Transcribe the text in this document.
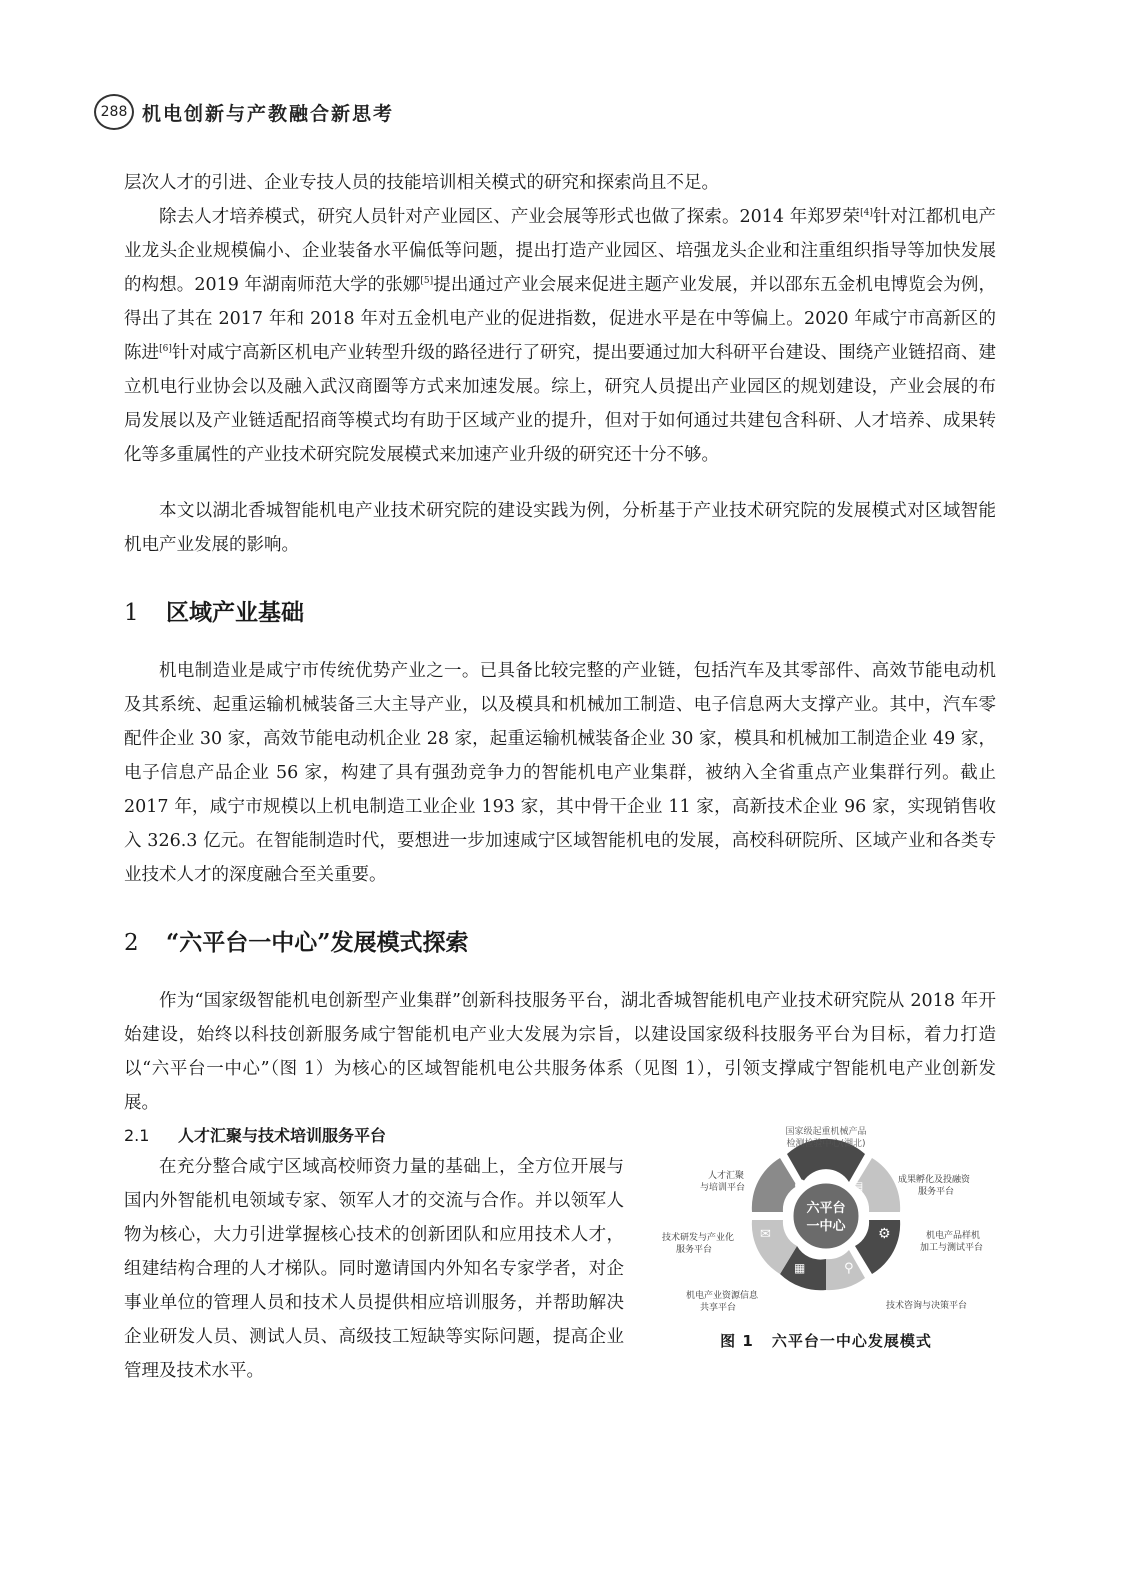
288 机电创新与产教融合新思考

层次人才的引进、企业专技人员的技能培训相关模式的研究和探索尚且不足。

除去人才培养模式，研究人员针对产业园区、产业会展等形式也做了探索。2014 年郑罗荣[4]针对江都机电产业龙头企业规模偏小、企业装备水平偏低等问题，提出打造产业园区、培强龙头企业和注重组织指导等加快发展的构想。2019 年湖南师范大学的张娜[5]提出通过产业会展来促进主题产业发展，并以邵东五金机电博览会为例，得出了其在 2017 年和 2018 年对五金机电产业的促进指数，促进水平是在中等偏上。2020 年咸宁市高新区的陈进[6]针对咸宁高新区机电产业转型升级的路径进行了研究，提出要通过加大科研平台建设、围绕产业链招商、建立机电行业协会以及融入武汉商圈等方式来加速发展。综上，研究人员提出产业园区的规划建设，产业会展的布局发展以及产业链适配招商等模式均有助于区域产业的提升，但对于如何通过共建包含科研、人才培养、成果转化等多重属性的产业技术研究院发展模式来加速产业升级的研究还十分不够。

本文以湖北香城智能机电产业技术研究院的建设实践为例，分析基于产业技术研究院的发展模式对区域智能机电产业发展的影响。

1 区域产业基础

机电制造业是咸宁市传统优势产业之一。已具备比较完整的产业链，包括汽车及其零部件、高效节能电动机及其系统、起重运输机械装备三大主导产业，以及模具和机械加工制造、电子信息两大支撑产业。其中，汽车零配件企业 30 家，高效节能电动机企业 28 家，起重运输机械装备企业 30 家，模具和机械加工制造企业 49 家，电子信息产品企业 56 家，构建了具有强劲竞争力的智能机电产业集群，被纳入全省重点产业集群行列。截止 2017 年，咸宁市规模以上机电制造工业企业 193 家，其中骨干企业 11 家，高新技术企业 96 家，实现销售收入 326.3 亿元。在智能制造时代，要想进一步加速咸宁区域智能机电的发展，高校科研院所、区域产业和各类专业技术人才的深度融合至关重要。

2 “六平台一中心”发展模式探索

作为“国家级智能机电创新型产业集群”创新科技服务平台，湖北香城智能机电产业技术研究院从 2018 年开始建设，始终以科技创新服务咸宁智能机电产业大发展为宗旨，以建设国家级科技服务平台为目标，着力打造以“六平台一中心”（图 1）为核心的区域智能机电公共服务体系（见图 1），引领支撑咸宁智能机电产业创新发展。

2.1 人才汇聚与技术培训服务平台

在充分整合咸宁区域高校师资力量的基础上，全方位开展与国内外智能机电领域专家、领军人才的交流与合作。并以领军人物为核心，大力引进掌握核心技术的创新团队和应用技术人才，组建结构合理的人才梯队。同时邀请国内外知名专家学者，对企事业单位的管理人员和技术人员提供相应培训服务，并帮助解决企业研发人员、测试人员、高级技工短缺等实际问题，提高企业管理及技术水平。

六平台
一中心
☻	▤
⚙
⚲
▦
✉
国家级起重机械产品
检测检验中心(湖北)
成果孵化及投融资
服务平台
机电产品样机
加工与测试平台
技术咨询与决策平台
机电产业资源信息
共享平台
技术研发与产业化
服务平台
人才汇聚
与培训平台
图 1 六平台一中心发展模式
